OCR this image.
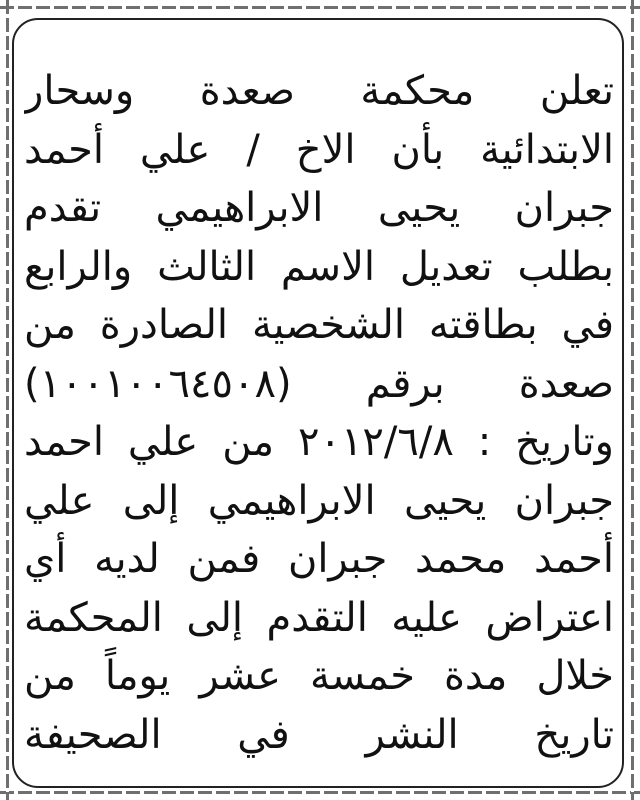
تعلن محكمة صعدة وسحار
الابتدائية بأن الاخ / علي أحمد
جبران يحيى الابراهيمي تقدم
بطلب تعديل الاسم الثالث والرابع
في بطاقته الشخصية الصادرة من
صعدة برقم (١٠٠١٠٠٦٤٥٠٨)
وتاريخ : ٢٠١٢/٦/٨ من علي احمد
جبران يحيى الابراهيمي إلى علي
أحمد محمد جبران فمن لديه أي
اعتراض عليه التقدم إلى المحكمة
خلال مدة خمسة عشر يوماً من
تاريخ النشر في الصحيفة
